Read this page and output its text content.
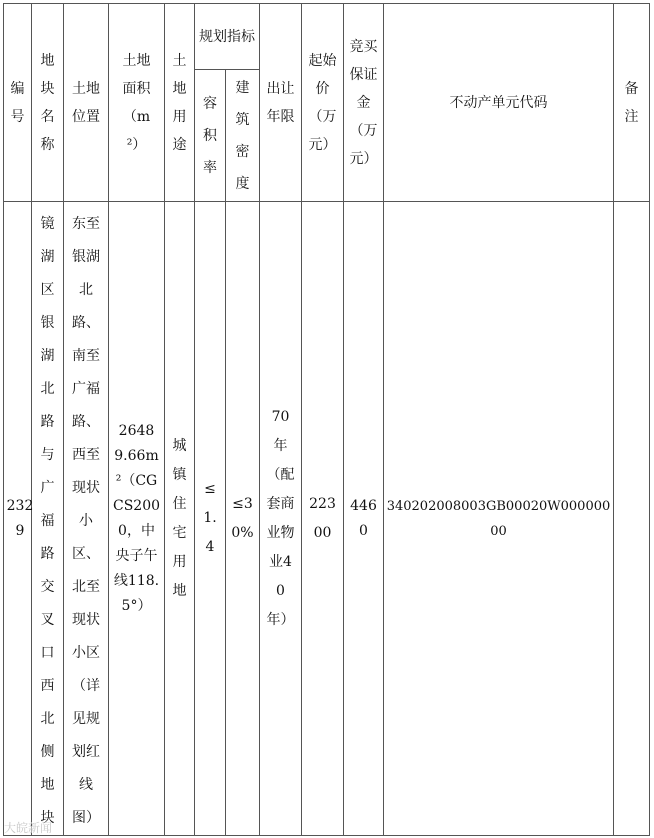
编号	地块名称	土地位置	土地面积（m²）	土地用途	规划指标		出让年限	起始价（万元）	竞买保证金（万元）	不动产单元代码	备注

					容积率	建筑密度					

2329	镜湖区银湖北路与广福路交叉口西北侧地块	东至银湖北路、南至广福路、西至现状小区、北至现状小区（详见规划红线图）	26489.66m²（CGCS2000，中央子午线118.5°）	城镇住宅用地	≤1.4	≤30%	70年（配套商业物业40年）	22300	4460	340202008003GB00020W00000000	
大皖新闻
